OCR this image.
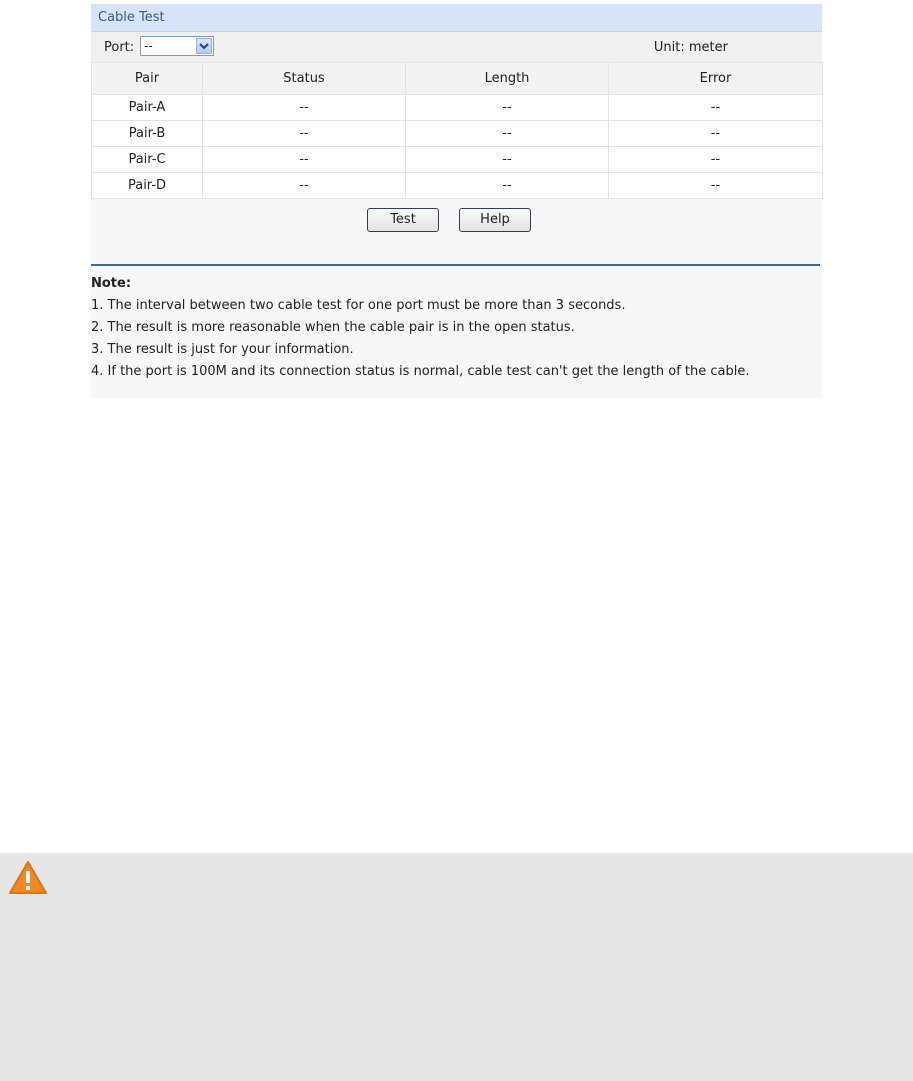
Cable Test
Port: --	Unit: meter
Pair	Status	Length	Error
Pair-A	--	--	--
Pair-B	--	--	--
Pair-C	--	--	--
Pair-D	--	--	--
Test	Help
Note:
1. The interval between two cable test for one port must be more than 3 seconds.
2. The result is more reasonable when the cable pair is in the open status.
3. The result is just for your information.
4. If the port is 100M and its connection status is normal, cable test can't get the length of the cable.
